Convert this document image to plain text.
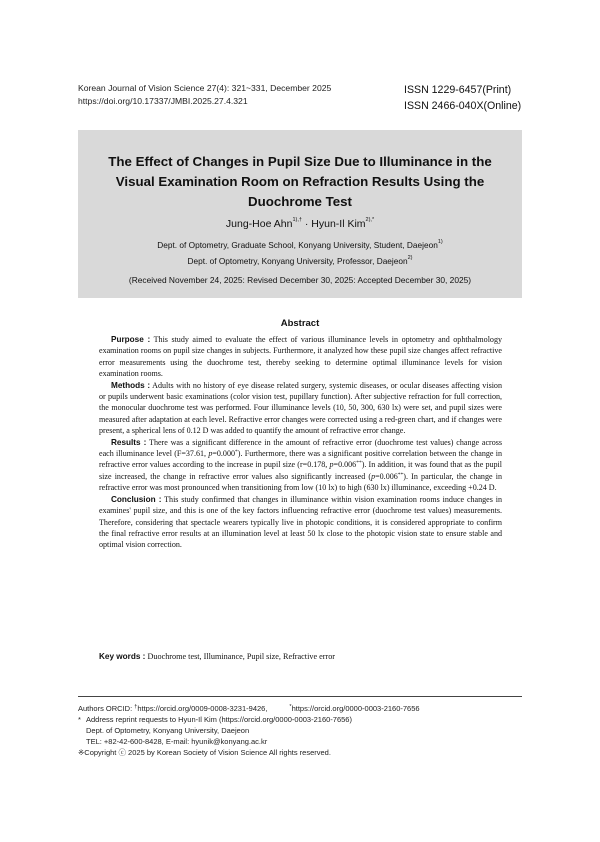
Korean Journal of Vision Science 27(4): 321~331, December 2025
https://doi.org/10.17337/JMBI.2025.27.4.321
ISSN 1229-6457(Print)
ISSN 2466-040X(Online)
The Effect of Changes in Pupil Size Due to Illuminance in the
Visual Examination Room on Refraction Results Using the
Duochrome Test
Jung-Hoe Ahn$^{1),\dagger}$ · Hyun-Il Kim$^{2),*}$
Dept. of Optometry, Graduate School, Konyang University, Student, Daejeon$^{1)}$
Dept. of Optometry, Konyang University, Professor, Daejeon$^{2)}$
(Received November 24, 2025: Revised December 30, 2025: Accepted December 30, 2025)
Abstract

Purpose : This study aimed to evaluate the effect of various illuminance levels in optometry and ophthalmology examination rooms on pupil size changes in subjects. Furthermore, it analyzed how these pupil size changes affect refractive error measurements using the duochrome test, thereby seeking to determine optimal illuminance levels for vision examination rooms.

Methods : Adults with no history of eye disease related surgery, systemic diseases, or ocular diseases affecting vision or pupils underwent basic examinations (color vision test, pupillary function). After subjective refraction for full correction, the monocular duochrome test was performed. Four illuminance levels (10, 50, 300, 630 lx) were set, and pupil sizes were measured after adaptation at each level. Refractive error changes were corrected using a red-green chart, and if changes were present, a spherical lens of 0.12 D was added to quantify the amount of refractive error change.

Results : There was a significant difference in the amount of refractive error (duochrome test values) change across each illuminance level (F=37.61, p=0.000*). Furthermore, there was a significant positive correlation between the change in refractive error values according to the increase in pupil size (r=0.178, p=0.006**). In addition, it was found that as the pupil size increased, the change in refractive error values also significantly increased (p=0.006**). In particular, the change in refractive error was most pronounced when transitioning from low (10 lx) to high (630 lx) illuminance, exceeding +0.24 D.

Conclusion : This study confirmed that changes in illuminance within vision examination rooms induce changes in examines' pupil size, and this is one of the key factors influencing refractive error (duochrome test values) measurements. Therefore, considering that spectacle wearers typically live in photopic conditions, it is considered appropriate to confirm the final refractive error results at an illumination level at least 50 lx close to the photopic vision state to ensure stable and optimal vision correction.

Key words : Duochrome test, Illuminance, Pupil size, Refractive error
Authors ORCID: †https://orcid.org/0009-0008-3231-9426,	*https://orcid.org/0000-0003-2160-7656
* Address reprint requests to Hyun-Il Kim (https://orcid.org/0000-0003-2160-7656)
Dept. of Optometry, Konyang University, Daejeon
TEL: +82-42-600-8428, E-mail: hyunik@konyang.ac.kr
※Copyright ⓒ 2025 by Korean Society of Vision Science All rights reserved.
